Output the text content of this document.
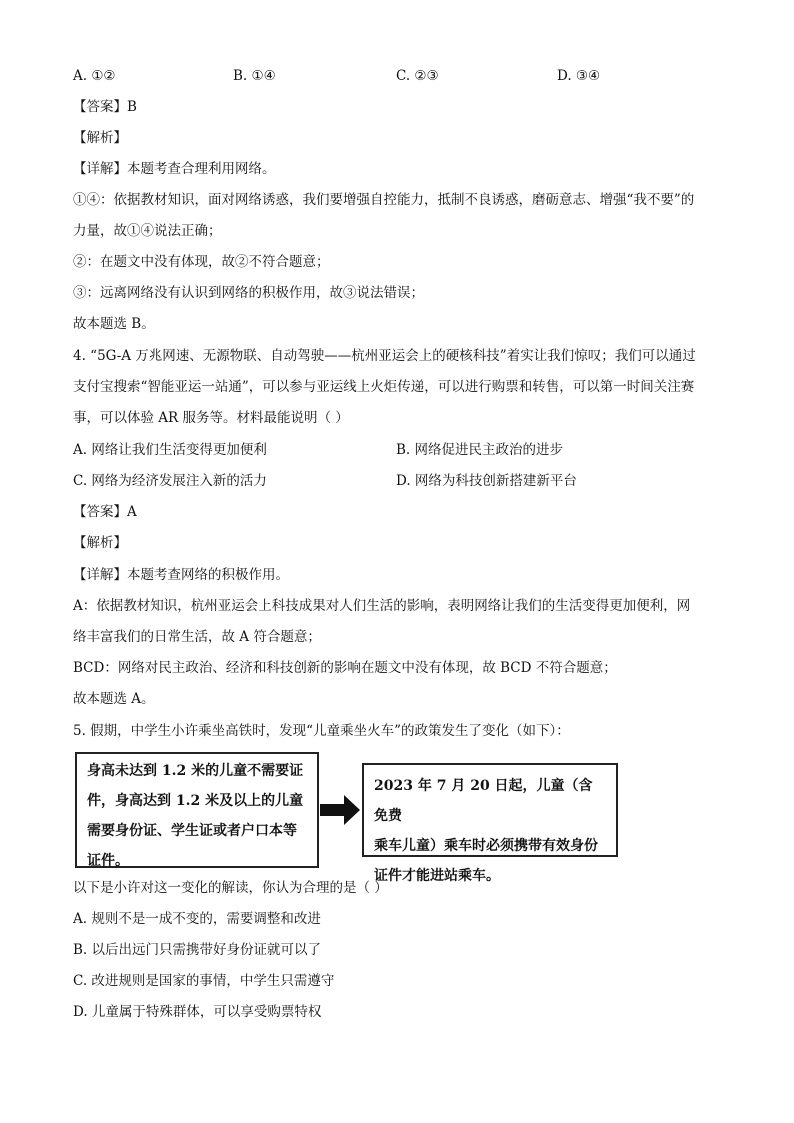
A. ①②	B. ①④	C. ②③	D. ③④
【答案】B
【解析】
【详解】本题考查合理利用网络。
①④：依据教材知识，面对网络诱惑，我们要增强自控能力，抵制不良诱惑，磨砺意志、增强“我不要”的
力量，故①④说法正确；
②：在题文中没有体现，故②不符合题意；
③：远离网络没有认识到网络的积极作用，故③说法错误；
故本题选 B。
4. “5G-A 万兆网速、无源物联、自动驾驶——杭州亚运会上的硬核科技”着实让我们惊叹；我们可以通过
支付宝搜索“智能亚运一站通”，可以参与亚运线上火炬传递，可以进行购票和转售，可以第一时间关注赛
事，可以体验 AR 服务等。材料最能说明（ ）
A. 网络让我们生活变得更加便利	B. 网络促进民主政治的进步
C. 网络为经济发展注入新的活力	D. 网络为科技创新搭建新平台
【答案】A
【解析】
【详解】本题考查网络的积极作用。
A：依据教材知识，杭州亚运会上科技成果对人们生活的影响，表明网络让我们的生活变得更加便利，网
络丰富我们的日常生活，故 A 符合题意；
BCD：网络对民主政治、经济和科技创新的影响在题文中没有体现，故 BCD 不符合题意；
故本题选 A。
5. 假期，中学生小许乘坐高铁时，发现“儿童乘坐火车”的政策发生了变化（如下）：
身高未达到 1.2 米的儿童不需要证
件，身高达到 1.2 米及以上的儿童
需要身份证、学生证或者户口本等
证件。
2023 年 7 月 20 日起，儿童（含免费
乘车儿童）乘车时必须携带有效身份
证件才能进站乘车。
以下是小许对这一变化的解读，你认为合理的是（ ）
A. 规则不是一成不变的，需要调整和改进
B. 以后出远门只需携带好身份证就可以了
C. 改进规则是国家的事情，中学生只需遵守
D. 儿童属于特殊群体，可以享受购票特权
